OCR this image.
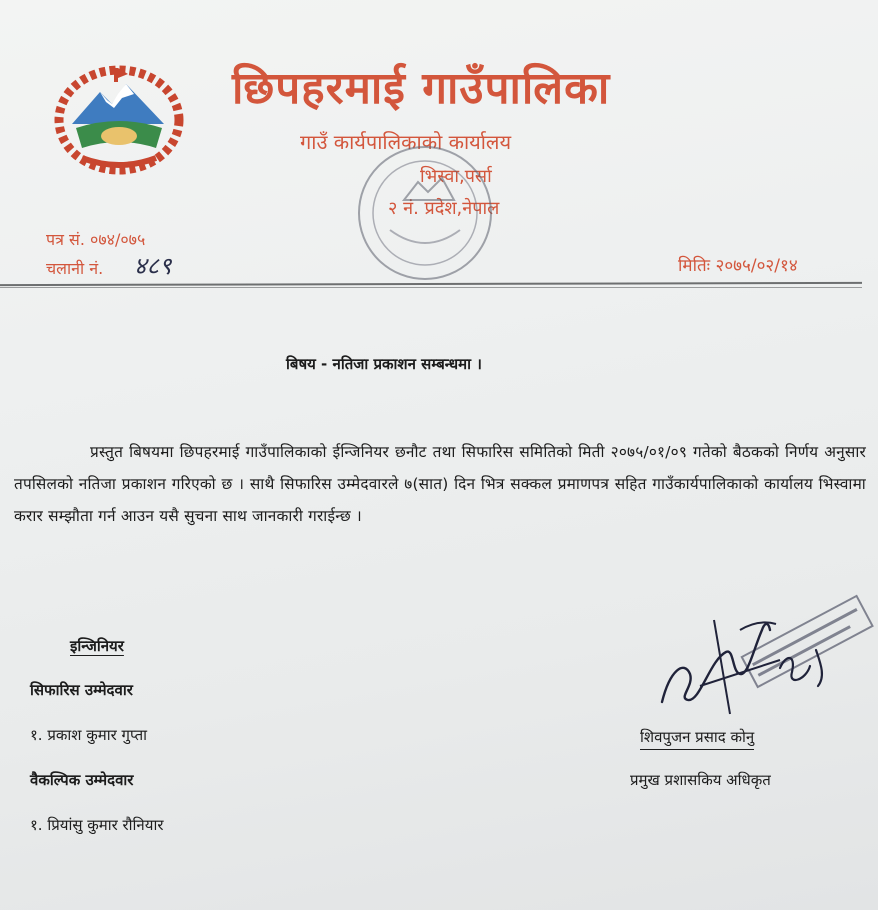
छिपहरमाई गाउँपालिका
गाउँ कार्यपालिकाको कार्यालय
भिस्वा,पर्सा
२ नं. प्रदेश,नेपाल
पत्र सं. ०७४/०७५
चलानी नं. ४८९	मितिः २०७५/०२/१४
बिषय - नतिजा प्रकाशन सम्बन्धमा ।
प्रस्तुत बिषयमा छिपहरमाई गाउँपालिकाको ईन्जिनियर छनौट तथा सिफारिस समितिको मिती २०७५/०१/०९ गतेको बैठकको निर्णय अनुसार तपसिलको नतिजा प्रकाशन गरिएको छ । साथै सिफारिस उम्मेदवारले ७(सात) दिन भित्र सक्कल प्रमाणपत्र सहित गाउँकार्यपालिकाको कार्यालय भिस्वामा करार सम्झौता गर्न आउन यसै सुचना साथ जानकारी गराईन्छ ।
इन्जिनियर
सिफारिस उम्मेदवार
१. प्रकाश कुमार गुप्ता
वैकल्पिक उम्मेदवार
१. प्रियांसु कुमार रौनियार
शिवपुजन प्रसाद कोनु
प्रमुख प्रशासकिय अधिकृत
